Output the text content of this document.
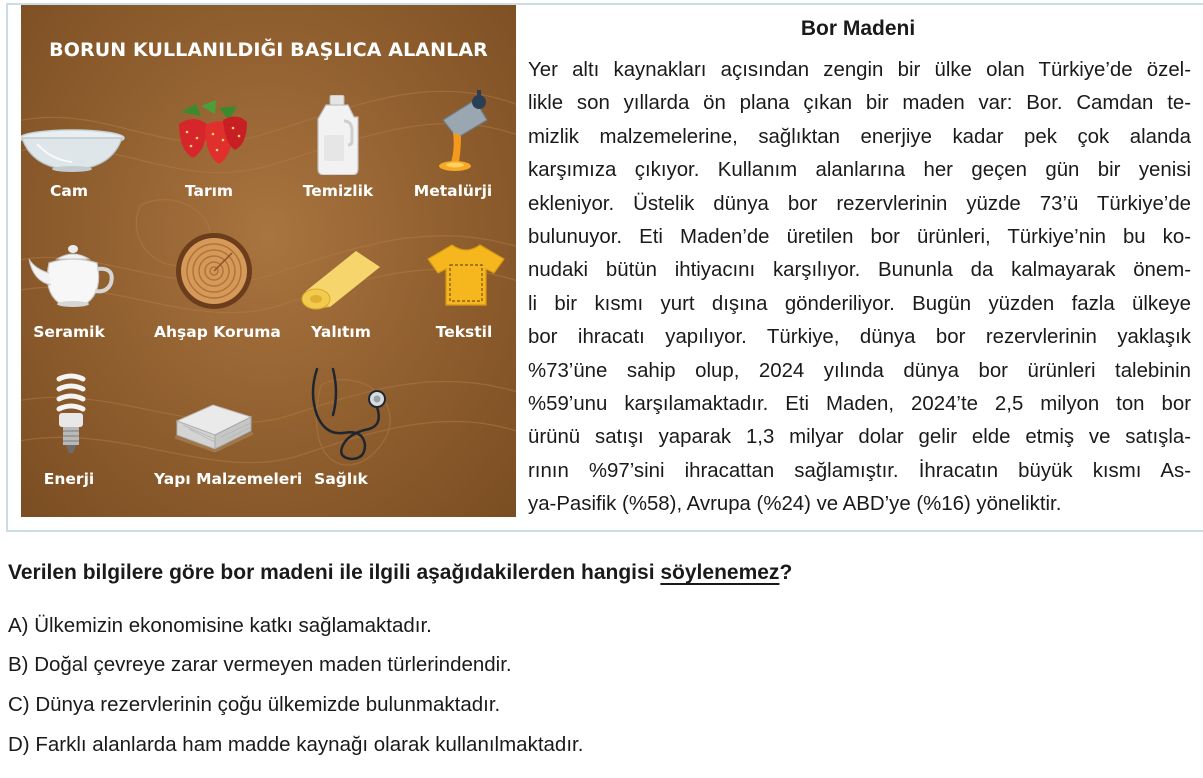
BORUN KULLANILDIĞI BAŞLICA ALANLAR
Cam	Tarım	Temizlik	Metalürji
Seramik	Ahşap Koruma	Yalıtım	Tekstil
Enerji	Yapı Malzemeleri Sağlık
Bor Madeni
Yer altı kaynakları açısından zengin bir ülke olan Türkiye’de özel-
likle son yıllarda ön plana çıkan bir maden var: Bor. Camdan te-
mizlik malzemelerine, sağlıktan enerjiye kadar pek çok alanda
karşımıza çıkıyor. Kullanım alanlarına her geçen gün bir yenisi
ekleniyor. Üstelik dünya bor rezervlerinin yüzde 73’ü Türkiye’de
bulunuyor. Eti Maden’de üretilen bor ürünleri, Türkiye’nin bu ko-
nudaki bütün ihtiyacını karşılıyor. Bununla da kalmayarak önem-
li bir kısmı yurt dışına gönderiliyor. Bugün yüzden fazla ülkeye
bor ihracatı yapılıyor. Türkiye, dünya bor rezervlerinin yaklaşık
%73’üne sahip olup, 2024 yılında dünya bor ürünleri talebinin
%59’unu karşılamaktadır. Eti Maden, 2024’te 2,5 milyon ton bor
ürünü satışı yaparak 1,3 milyar dolar gelir elde etmiş ve satışla-
rının %97’sini ihracattan sağlamıştır. İhracatın büyük kısmı As-
ya-Pasifik (%58), Avrupa (%24) ve ABD’ye (%16) yöneliktir.
Verilen bilgilere göre bor madeni ile ilgili aşağıdakilerden hangisi söylenemez?
A) Ülkemizin ekonomisine katkı sağlamaktadır.
B) Doğal çevreye zarar vermeyen maden türlerindendir.
C) Dünya rezervlerinin çoğu ülkemizde bulunmaktadır.
D) Farklı alanlarda ham madde kaynağı olarak kullanılmaktadır.
